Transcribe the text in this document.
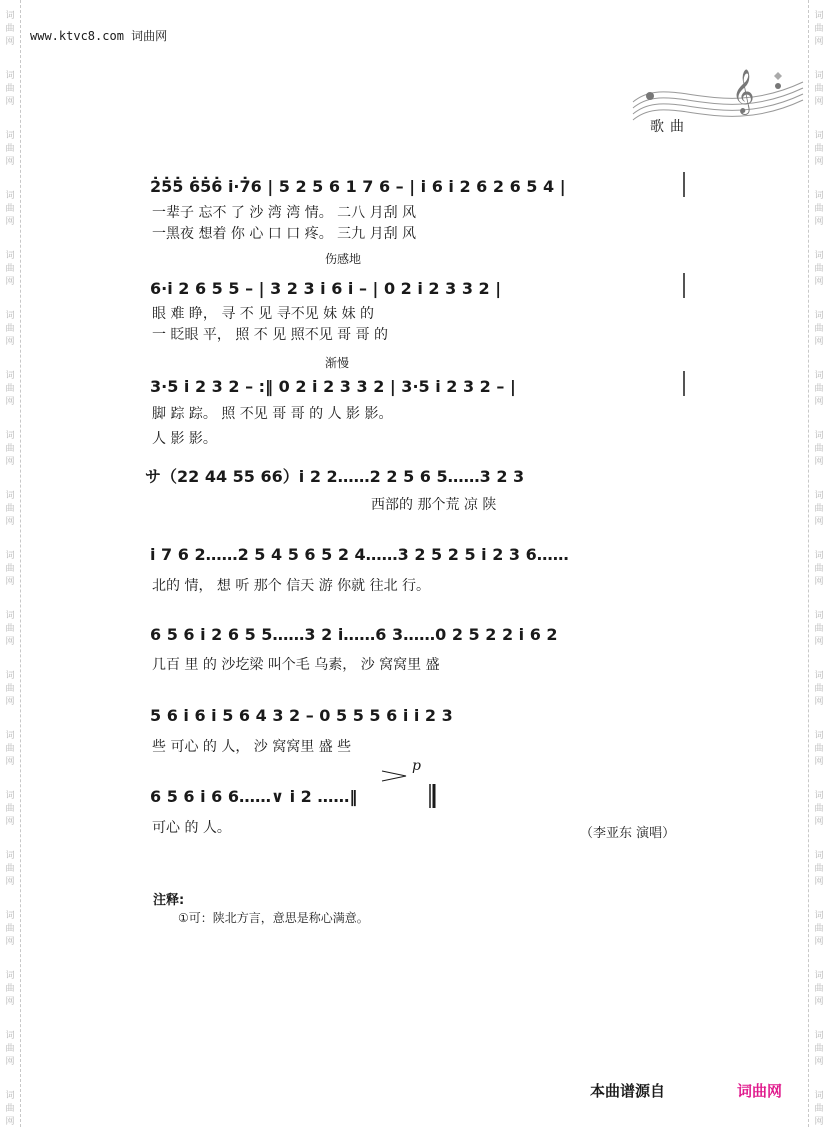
词
曲
网
词
曲
网
词
曲
网
词
曲
网
词
曲
网
词
曲
网
词
曲
网
词
曲
网
词
曲
网
词
曲
网
词
曲
网
词
曲
网
词
曲
网
词
曲
网
词
曲
网
词
曲
网
词
曲
网
词
曲
网
词
曲
网
词
曲
网
词
曲
网
词
曲
网
词
曲
网
词
曲
网
词
曲
网
词
曲
网
词
曲
网
词
曲
网
词
曲
网
词
曲
网
词
曲
网
词
曲
网
词
曲
网
词
曲
网
词
曲
网
词
曲
网
词
曲
网
词
曲
网
www.ktvc8.com 词曲网
𝄞
歌曲
2̇5̇5̇ 6̇5̇6̇ i·7̇6 | 5 2 5 6 1 7 6 – | i 6 i 2 6 2 6 5 4 |
6·i 2 6 5 5 – | 3 2 3 i 6 i – | 0 2 i 2 3 3 2 |
3·5 i 2 3 2 – :‖ 0 2 i 2 3 3 2 | 3·5 i 2 3 2 – |
サ（22 44 55 66）i 2 2……2 2 5 6 5……3 2 3
i 7 6 2……2 5 4 5 6 5 2 4……3 2 5 2 5 i 2 3 6……
6 5 6 i 2 6 5 5……3 2 i……6 3……0 2 5 2 2 i 6 2
5 6 i 6 i 5 6 4 3 2 – 0 5 5 5 6 i i 2 3
6 5 6 i 6 6……∨ i 2 ……‖
一辈子 忘不 了 沙 湾 湾 情。 二八 月刮 风
一黑夜 想着 你 心 口 口 疼。 三九 月刮 风
伤感地
眼 难 睁， 寻 不 见 寻不见 妹 妹 的
一 眨眼 平， 照 不 见 照不见 哥 哥 的
渐慢
脚 踪 踪。 照 不见 哥 哥 的 人 影 影。
人 影 影。
西部的 那个荒 凉 陕
北的 情， 想 听 那个 信天 游 你就 往北 行。
几百 里 的 沙圪梁 叫个毛 乌素， 沙 窝窝里 盛
些 可心 的 人， 沙 窝窝里 盛 些
p
可心 的 人。	（李亚东 演唱）
注释:
①可：陕北方言，意思是称心满意。
本曲谱源自	词曲网
